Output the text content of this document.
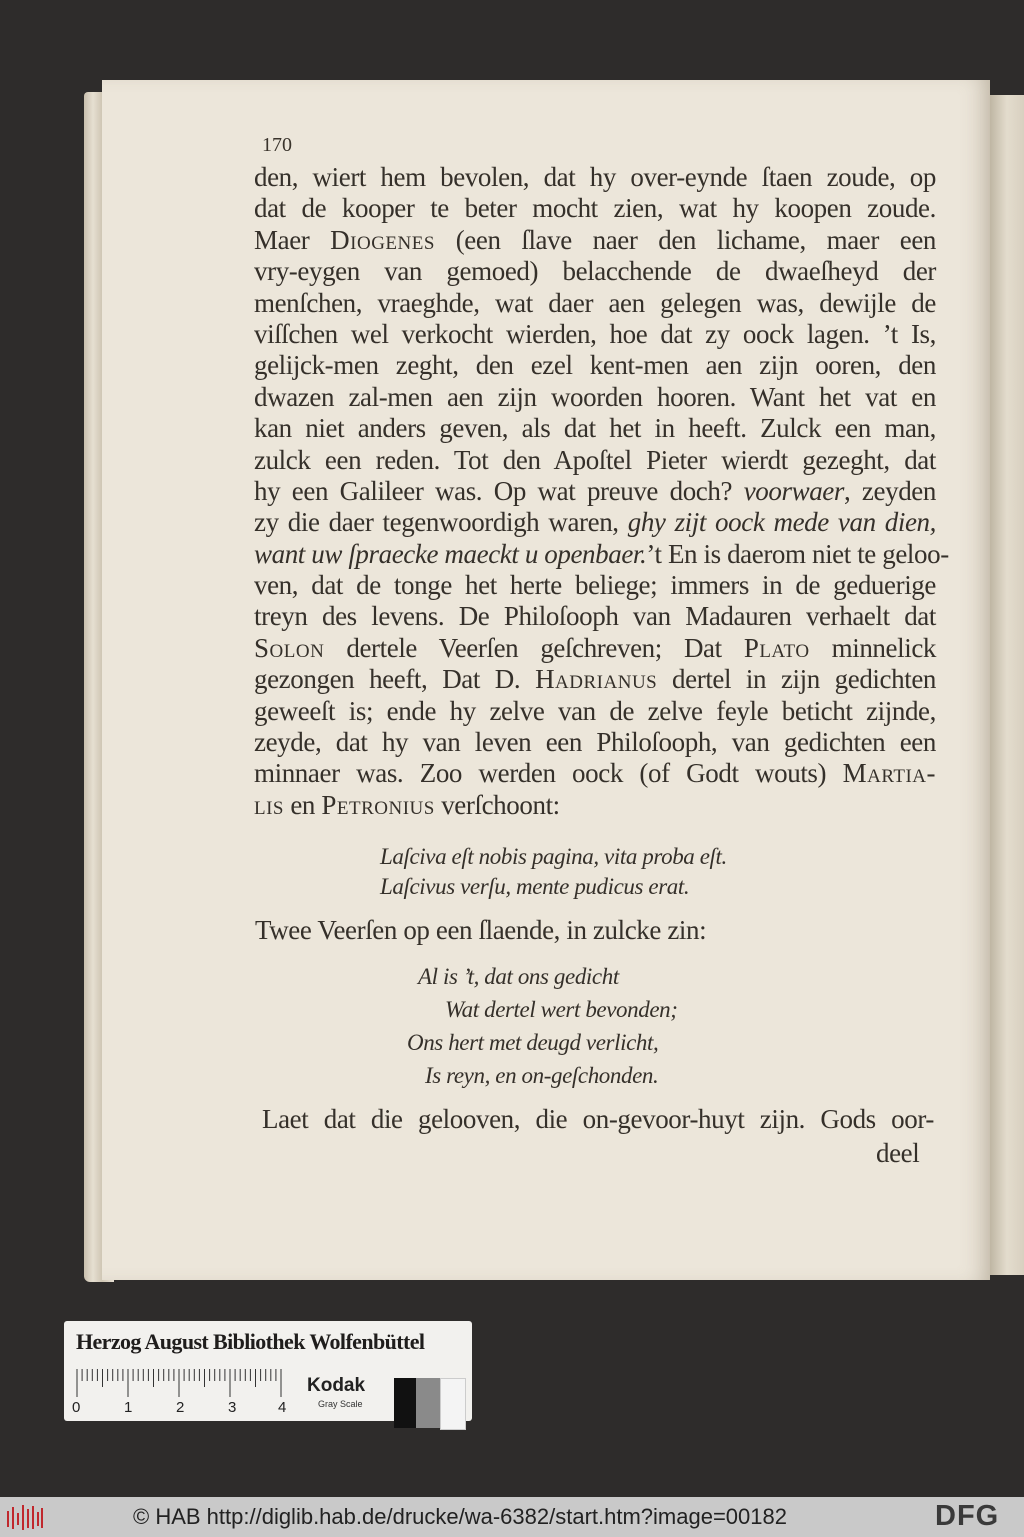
170
den, wiert hem bevolen, dat hy over-eynde ſtaen zoude, op
dat de kooper te beter mocht zien, wat hy koopen zoude.
Maer Diogenes (een ſlave naer den lichame, maer een
vry-eygen van gemoed) belacchende de dwaeſheyd der
menſchen, vraeghde, wat daer aen gelegen was, dewijle de
viſſchen wel verkocht wierden, hoe dat zy oock lagen. ’t Is,
gelijck-men zeght, den ezel kent-men aen zijn ooren, den
dwazen zal-men aen zijn woorden hooren. Want het vat en
kan niet anders geven, als dat het in heeft. Zulck een man,
zulck een reden. Tot den Apoſtel Pieter wierdt gezeght, dat
hy een Galileer was. Op wat preuve doch? voorwaer, zeyden
zy die daer tegenwoordigh waren, ghy zijt oock mede van dien,
want uw ſpraecke maeckt u openbaer.’t En is daerom niet te geloo-
ven, dat de tonge het herte beliege; immers in de geduerige
treyn des levens. De Philoſooph van Madauren verhaelt dat
Solon dertele Veerſen geſchreven; Dat Plato minnelick
gezongen heeft, Dat D. Hadrianus dertel in zijn gedichten
geweeſt is; ende hy zelve van de zelve feyle beticht zijnde,
zeyde, dat hy van leven een Philoſooph, van gedichten een
minnaer was. Zoo werden oock (of Godt wouts) Martia-
lis en Petronius verſchoont:
Laſciva eſt nobis pagina, vita proba eſt.
Laſcivus verſu, mente pudicus erat.
Twee Veerſen op een ſlaende, in zulcke zin:
Al is ’t, dat ons gedicht
Wat dertel wert bevonden;
Ons hert met deugd verlicht,
Is reyn, en on-geſchonden.
Laet dat die gelooven, die on-gevoor-huyt zijn. Gods oor-
deel
Herzog August Bibliothek Wolfenbüttel
0	1	2	3	4
Kodak
Gray Scale
© HAB http://diglib.hab.de/drucke/wa-6382/start.htm?image=00182	DFG
